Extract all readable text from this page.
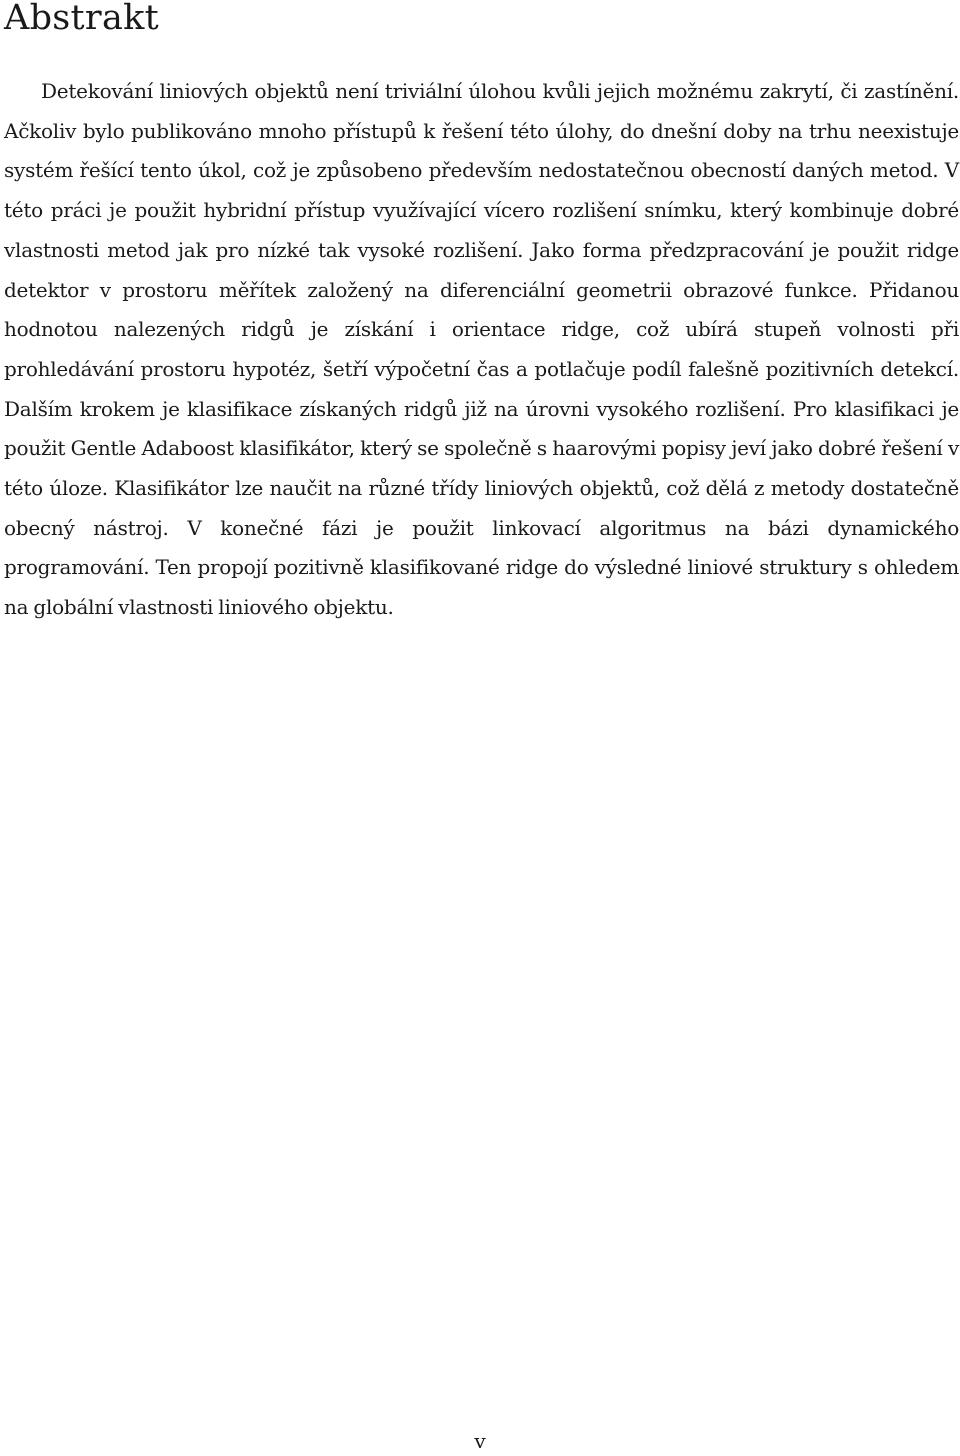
Abstrakt

Detekování liniových objektů není triviální úlohou kvůli jejich možnému zakrytí, či zastínění. Ačkoliv bylo publikováno mnoho přístupů k řešení této úlohy, do dnešní doby na trhu neexistuje systém řešící tento úkol, což je způsobeno především nedostatečnou obecností daných metod. V této práci je použit hybridní přístup využívající vícero rozlišení snímku, který kombinuje dobré vlastnosti metod jak pro nízké tak vysoké rozlišení. Jako forma předzpracování je použit ridge detektor v prostoru měřítek založený na diferenciální geometrii obrazové funkce. Přidanou hodnotou nalezených ridgů je získání i orientace ridge, což ubírá stupeň volnosti při prohledávání prostoru hypotéz, šetří výpočetní čas a potlačuje podíl falešně pozitivních detekcí. Dalším krokem je klasifikace získaných ridgů již na úrovni vysokého rozlišení. Pro klasifikaci je použit Gentle Adaboost klasifikátor, který se společně s haarovými popisy jeví jako dobré řešení v této úloze. Klasifikátor lze naučit na různé třídy liniových objektů, což dělá z metody dostatečně obecný nástroj. V konečné fázi je použit linkovací algoritmus na bázi dynamického programování. Ten propojí pozitivně klasifikované ridge do výsledné liniové struktury s ohledem na globální vlastnosti liniového objektu.

v
